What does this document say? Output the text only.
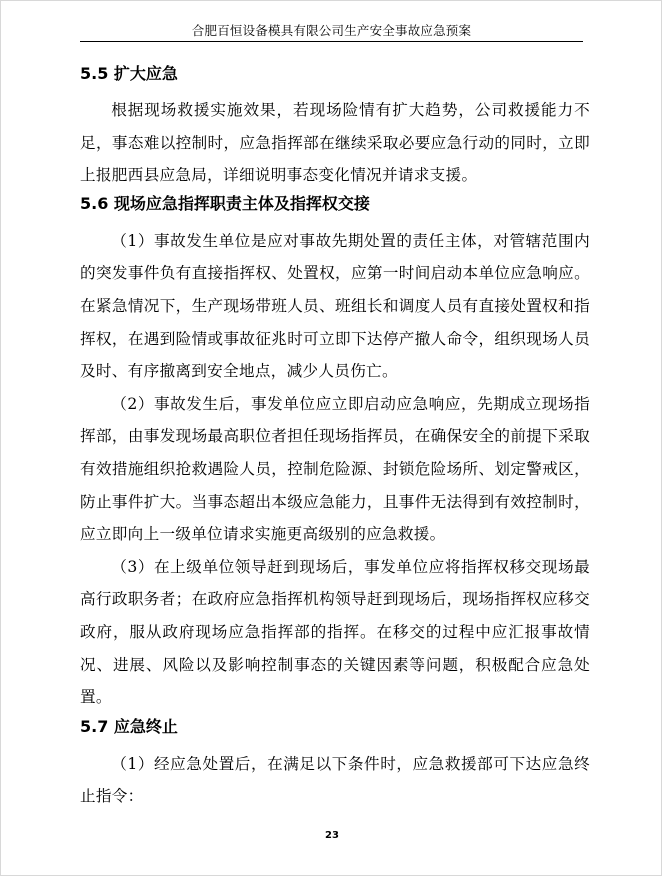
合肥百恒设备模具有限公司生产安全事故应急预案
5.5 扩大应急

根据现场救援实施效果，若现场险情有扩大趋势，公司救援能力不足，事态难以控制时，应急指挥部在继续采取必要应急行动的同时，立即上报肥西县应急局，详细说明事态变化情况并请求支援。

5.6 现场应急指挥职责主体及指挥权交接

（1）事故发生单位是应对事故先期处置的责任主体，对管辖范围内的突发事件负有直接指挥权、处置权，应第一时间启动本单位应急响应。在紧急情况下，生产现场带班人员、班组长和调度人员有直接处置权和指挥权，在遇到险情或事故征兆时可立即下达停产撤人命令，组织现场人员及时、有序撤离到安全地点，减少人员伤亡。

（2）事故发生后，事发单位应立即启动应急响应，先期成立现场指挥部，由事发现场最高职位者担任现场指挥员，在确保安全的前提下采取有效措施组织抢救遇险人员，控制危险源、封锁危险场所、划定警戒区，防止事件扩大。当事态超出本级应急能力，且事件无法得到有效控制时，应立即向上一级单位请求实施更高级别的应急救援。

（3）在上级单位领导赶到现场后，事发单位应将指挥权移交现场最高行政职务者；在政府应急指挥机构领导赶到现场后，现场指挥权应移交政府，服从政府现场应急指挥部的指挥。在移交的过程中应汇报事故情况、进展、风险以及影响控制事态的关键因素等问题，积极配合应急处置。

5.7 应急终止

（1）经应急处置后，在满足以下条件时，应急救援部可下达应急终止指令：

23
